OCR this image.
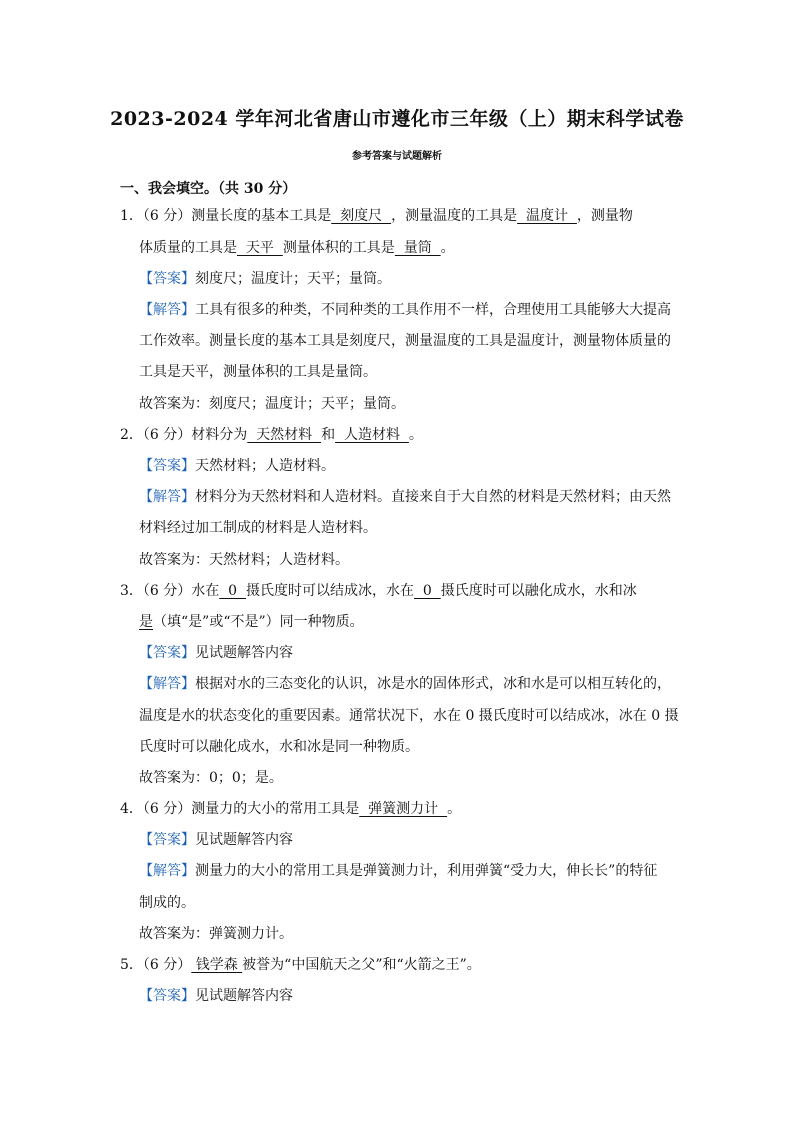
2023-2024 学年河北省唐山市遵化市三年级（上）期末科学试卷
参考答案与试题解析
一、我会填空。（共 30 分）
1．（6 分）测量长度的基本工具是  刻度尺  ，测量温度的工具是  温度计  ，测量物
体质量的工具是  天平  测量体积的工具是  量筒  。
【答案】刻度尺；温度计；天平；量筒。
【解答】工具有很多的种类，不同种类的工具作用不一样，合理使用工具能够大大提高
工作效率。测量长度的基本工具是刻度尺，测量温度的工具是温度计，测量物体质量的
工具是天平，测量体积的工具是量筒。
故答案为：刻度尺；温度计；天平；量筒。
2．（6 分）材料分为  天然材料  和  人造材料  。
【答案】天然材料；人造材料。
【解答】材料分为天然材料和人造材料。直接来自于大自然的材料是天然材料；由天然
材料经过加工制成的材料是人造材料。
故答案为：天然材料；人造材料。
3．（6 分）水在  0  摄氏度时可以结成冰，水在  0  摄氏度时可以融化成水，水和冰
是（填“是”或“不是”）同一种物质。
【答案】见试题解答内容
【解答】根据对水的三态变化的认识，冰是水的固体形式，冰和水是可以相互转化的，
温度是水的状态变化的重要因素。通常状况下，水在 0 摄氏度时可以结成冰，冰在 0 摄
氏度时可以融化成水，水和冰是同一种物质。
故答案为：0；0；是。
4．（6 分）测量力的大小的常用工具是  弹簧测力计  。
【答案】见试题解答内容
【解答】测量力的大小的常用工具是弹簧测力计，利用弹簧“受力大，伸长长”的特征
制成的。
故答案为：弹簧测力计。
5．（6 分） 钱学森 被誉为“中国航天之父”和“火箭之王”。
【答案】见试题解答内容
